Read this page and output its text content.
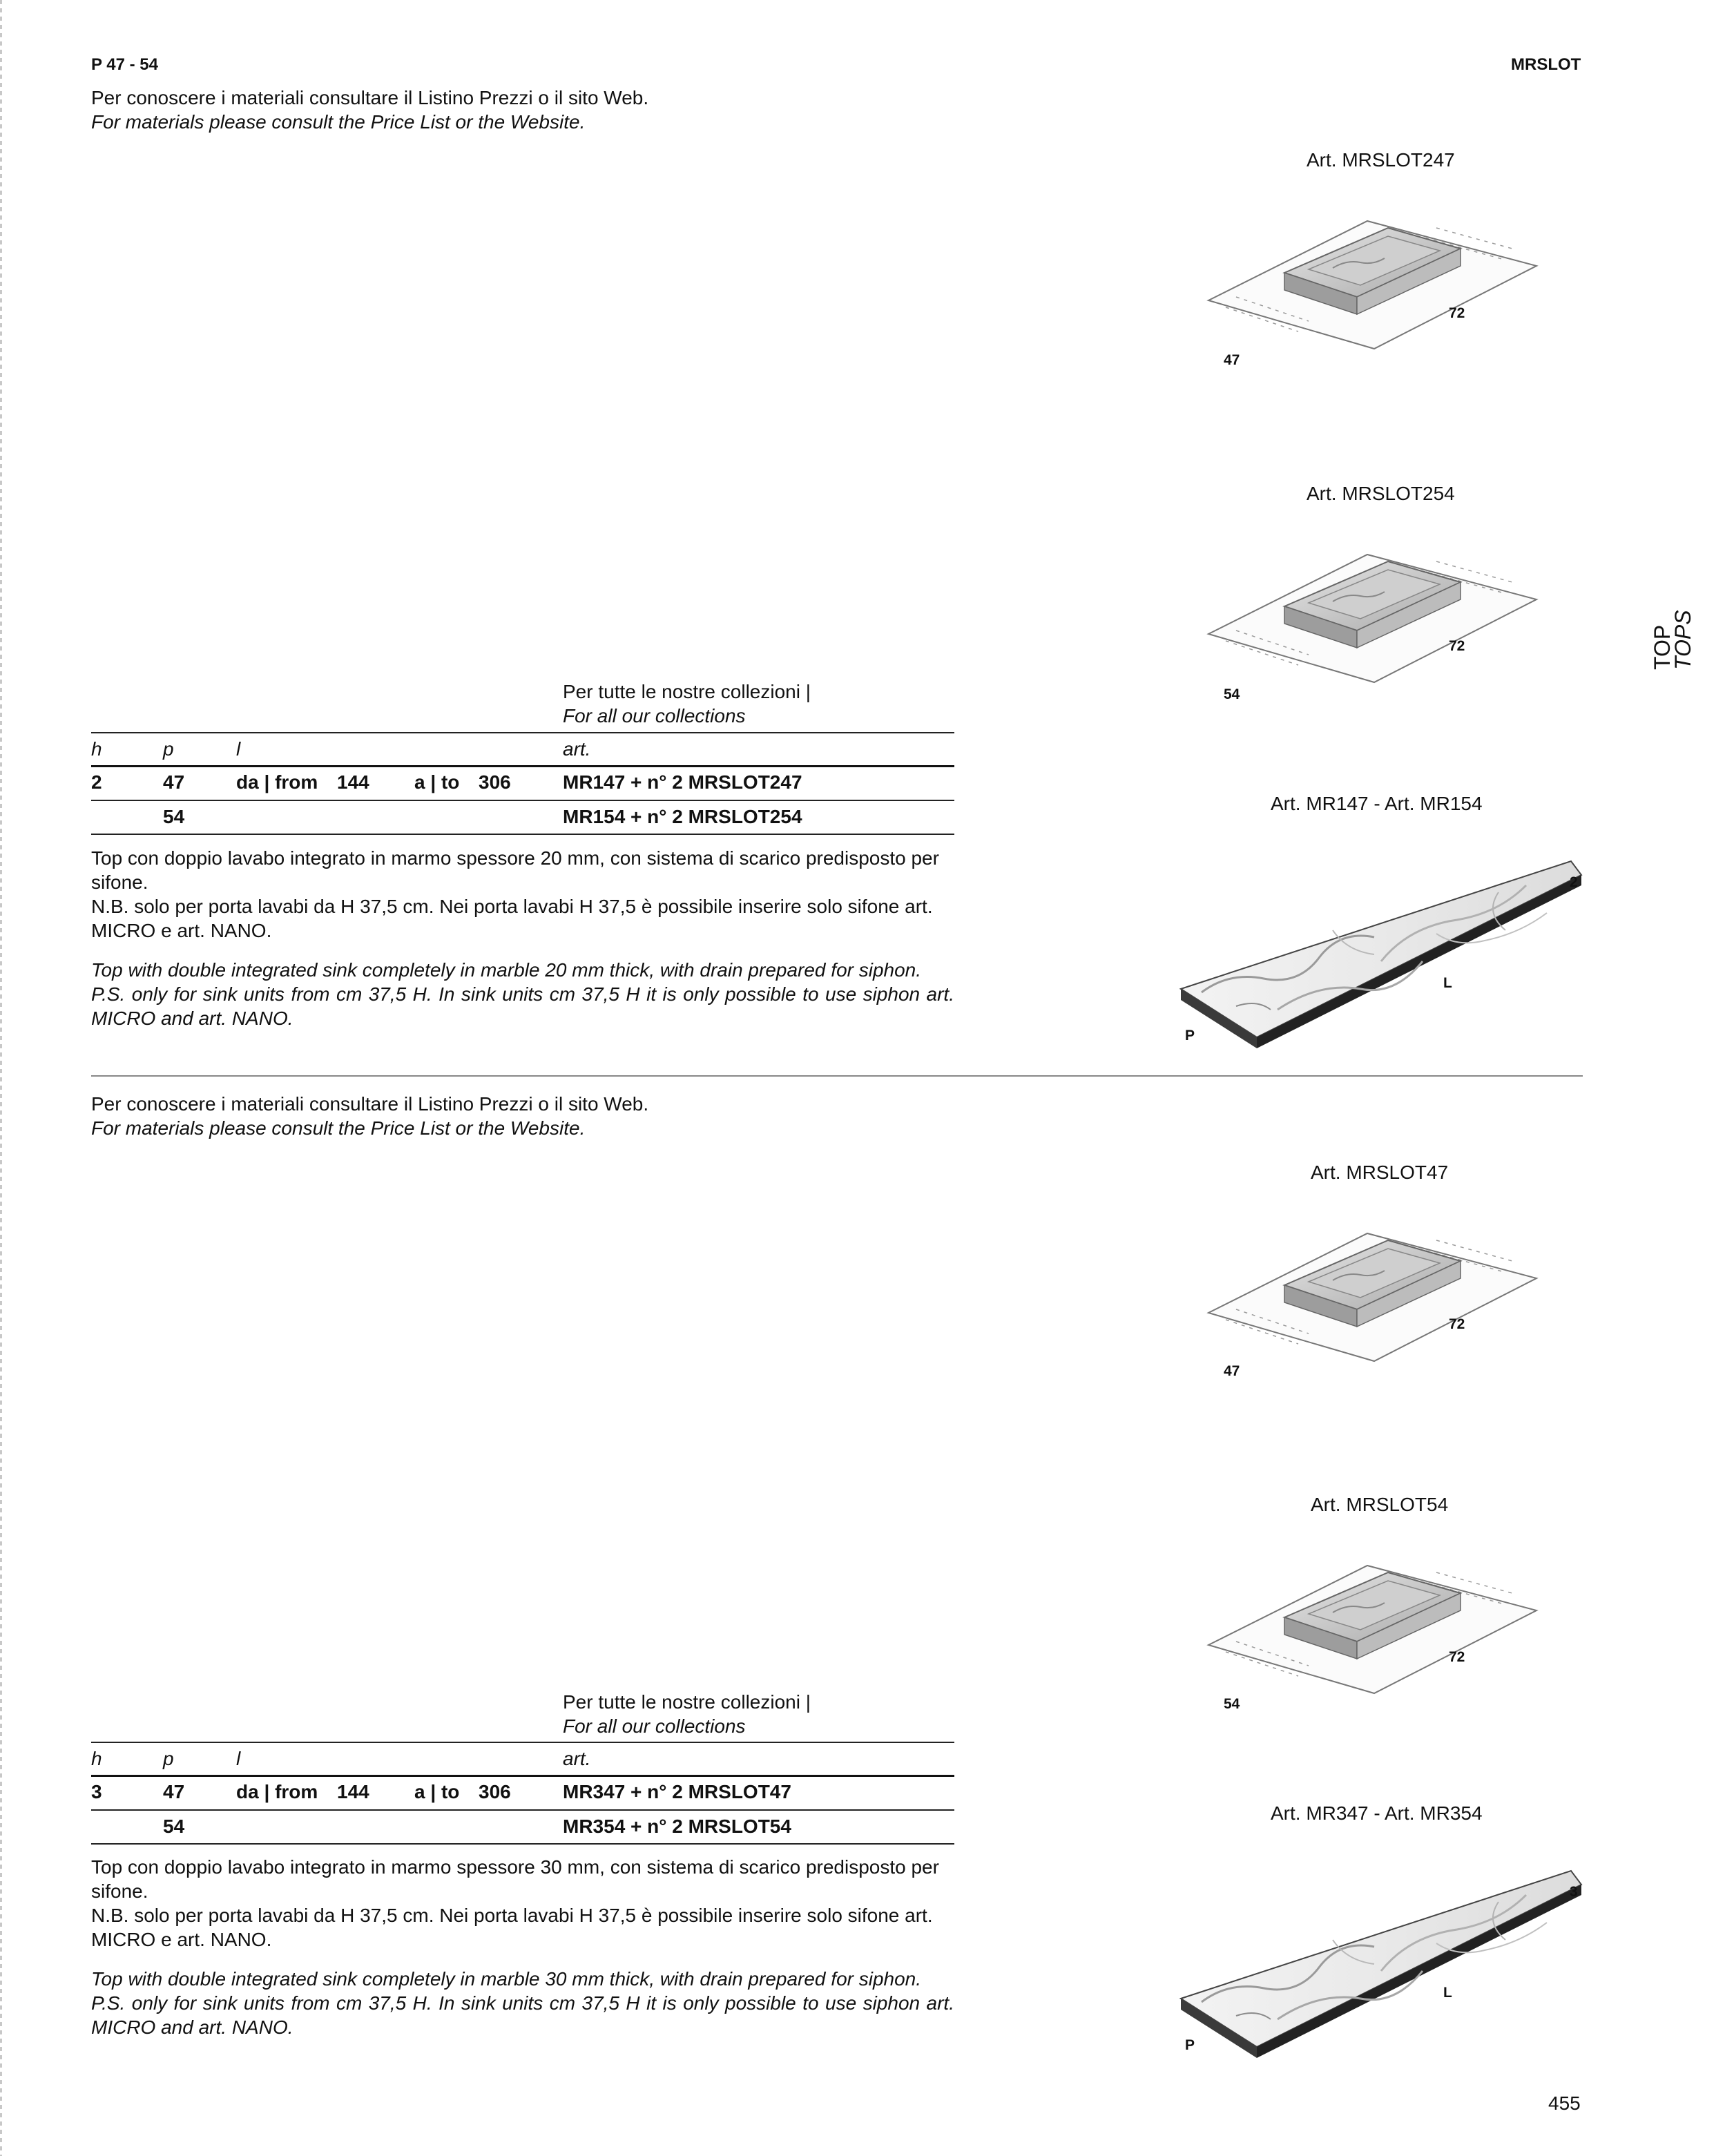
P 47 - 54	MRSLOT
TOP
TOPS
Per conoscere i materiali consultare il Listino Prezzi o il sito Web.
For materials please consult the Price List or the Website.
Per tutte le nostre collezioni |
For all our collections
h	p	l	art.
2	47	da | from 144 a | to 306	MR147 + n° 2 MRSLOT247
54	MR154 + n° 2 MRSLOT254

Top con doppio lavabo integrato in marmo spessore 20 mm, con sistema di scarico predisposto per sifone.
N.B. solo per porta lavabi da H 37,5 cm. Nei porta lavabi H 37,5 è possibile inserire solo sifone art. MICRO e art. NANO.

Top with double integrated sink completely in marble 20 mm thick, with drain prepared for siphon.
P.S. only for sink units from cm 37,5 H. In sink units cm 37,5 H it is only possible to use siphon art. MICRO and art. NANO.

Art. MRSLOT247
72
47
Art. MRSLOT254
72
54
Art. MR147 - Art. MR154
2
L
P
Per conoscere i materiali consultare il Listino Prezzi o il sito Web.
For materials please consult the Price List or the Website.
Per tutte le nostre collezioni |
For all our collections
h	p	l	art.
3	47	da | from 144 a | to 306	MR347 + n° 2 MRSLOT47
54	MR354 + n° 2 MRSLOT54

Top con doppio lavabo integrato in marmo spessore 30 mm, con sistema di scarico predisposto per sifone.
N.B. solo per porta lavabi da H 37,5 cm. Nei porta lavabi H 37,5 è possibile inserire solo sifone art. MICRO e art. NANO.

Top with double integrated sink completely in marble 30 mm thick, with drain prepared for siphon.
P.S. only for sink units from cm 37,5 H. In sink units cm 37,5 H it is only possible to use siphon art. MICRO and art. NANO.

Art. MRSLOT47
72
47
Art. MRSLOT54
72
54
Art. MR347 - Art. MR354
3
L
P
455
